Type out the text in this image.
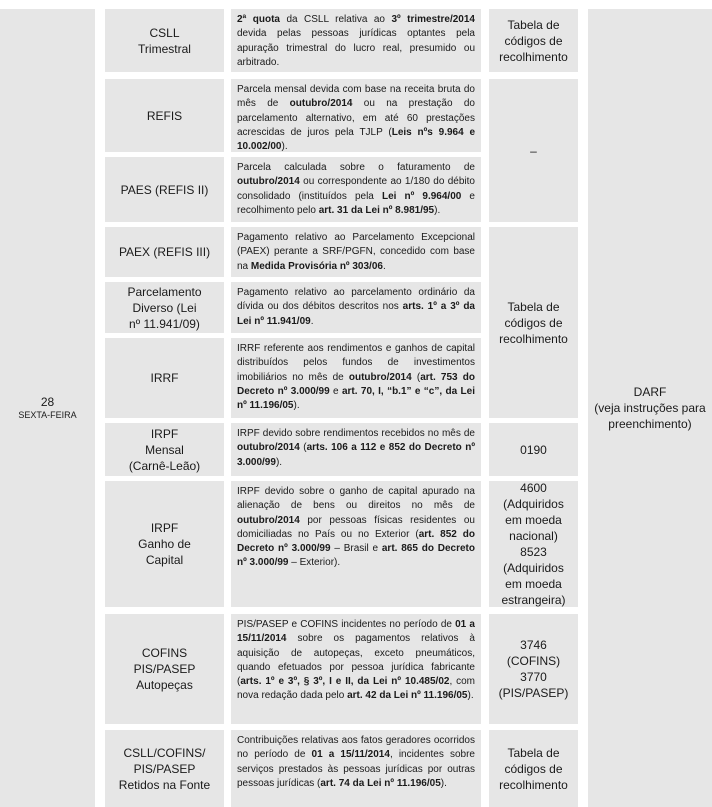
28
SEXTA-FEIRA
DARF
(veja instruções para
preenchimento)
CSLL
Trimestral
2ª quota da CSLL relativa ao 3º trimestre/2014 devida pelas pessoas jurídicas optantes pela apuração trimestral do lucro real, presumido ou arbitrado.
REFIS
Parcela mensal devida com base na receita bruta do mês de outubro/2014 ou na prestação do parcelamento alternativo, em até 60 prestações acrescidas de juros pela TJLP (Leis nºs 9.964 e 10.002/00).
PAES (REFIS II)
Parcela calculada sobre o faturamento de outubro/2014 ou correspondente ao 1/180 do débito consolidado (instituídos pela Lei nº 9.964/00 e recolhimento pelo art. 31 da Lei nº 8.981/95).
PAEX (REFIS III)
Pagamento relativo ao Parcelamento Excepcional (PAEX) perante a SRF/PGFN, concedido com base na Medida Provisória nº 303/06.
Parcelamento
Diverso (Lei
nº 11.941/09)
Pagamento relativo ao parcelamento ordinário da dívida ou dos débitos descritos nos arts. 1º a 3º da Lei nº 11.941/09.
IRRF
IRRF referente aos rendimentos e ganhos de capital distribuídos pelos fundos de investimentos imobiliários no mês de outubro/2014 (art. 753 do Decreto nº 3.000/99 e art. 70, I, “b.1” e “c”, da Lei nº 11.196/05).
IRPF
Mensal
(Carnê-Leão)
IRPF devido sobre rendimentos recebidos no mês de outubro/2014 (arts. 106 a 112 e 852 do Decreto nº 3.000/99).
IRPF
Ganho de
Capital
IRPF devido sobre o ganho de capital apurado na alienação de bens ou direitos no mês de outubro/2014 por pessoas físicas residentes ou domiciliadas no País ou no Exterior (art. 852 do Decreto nº 3.000/99 – Brasil e art. 865 do Decreto nº 3.000/99 – Exterior).
COFINS
PIS/PASEP
Autopeças
PIS/PASEP e COFINS incidentes no período de 01 a 15/11/2014 sobre os pagamentos relativos à aquisição de autopeças, exceto pneumáticos, quando efetuados por pessoa jurídica fabricante (arts. 1º e 3º, § 3º, I e II, da Lei nº 10.485/02, com nova redação dada pelo art. 42 da Lei nº 11.196/05).
CSLL/COFINS/
PIS/PASEP
Retidos na Fonte
Contribuições relativas aos fatos geradores ocorridos no período de 01 a 15/11/2014, incidentes sobre serviços prestados às pessoas jurídicas por outras pessoas jurídicas (art. 74 da Lei nº 11.196/05).
Tabela de
códigos de
recolhimento
–
Tabela de
códigos de
recolhimento
0190
4600
(Adquiridos
em moeda
nacional)
8523
(Adquiridos
em moeda
estrangeira)
3746
(COFINS)
3770
(PIS/PASEP)
Tabela de
códigos de
recolhimento
